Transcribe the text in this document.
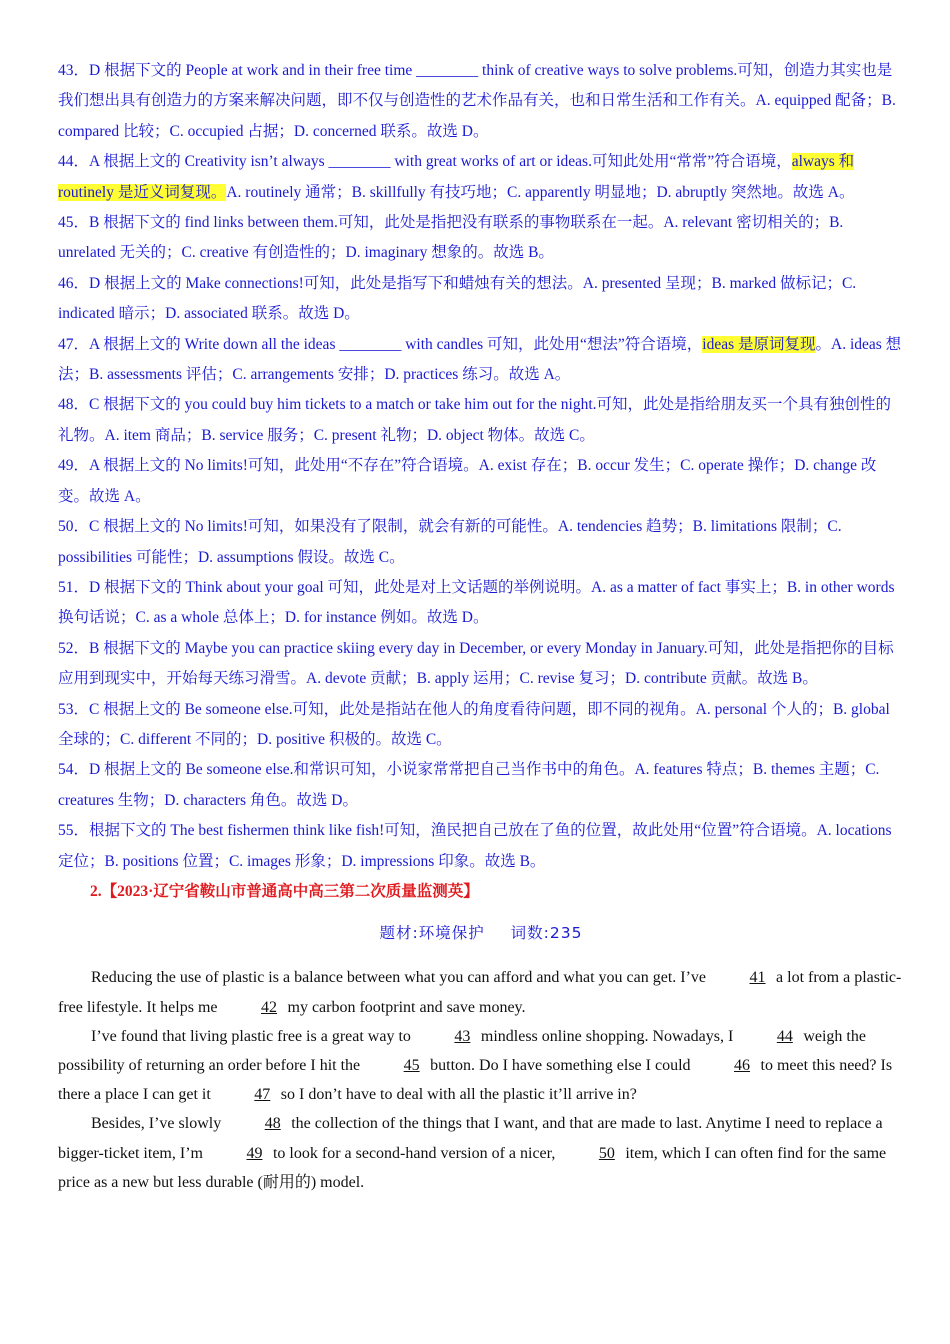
43．D 根据下文的 People at work and in their free time ________ think of creative ways to solve problems.可知，创造力其实也是我们想出具有创造力的方案来解决问题，即不仅与创造性的艺术作品有关，也和日常生活和工作有关。A. equipped 配备；B. compared 比较；C. occupied 占据；D. concerned 联系。故选 D。

44．A 根据上文的 Creativity isn’t always ________ with great works of art or ideas.可知此处用“常常”符合语境，always 和 routinely 是近义词复现。A. routinely 通常；B. skillfully 有技巧地；C. apparently 明显地；D. abruptly 突然地。故选 A。

45．B 根据下文的 find links between them.可知，此处是指把没有联系的事物联系在一起。A. relevant 密切相关的；B. unrelated 无关的；C. creative 有创造性的；D. imaginary 想象的。故选 B。

46．D 根据上文的 Make connections!可知，此处是指写下和蜡烛有关的想法。A. presented 呈现；B. marked 做标记；C. indicated 暗示；D. associated 联系。故选 D。

47．A 根据上文的 Write down all the ideas ________ with candles 可知，此处用“想法”符合语境，ideas 是原词复现。A. ideas 想法；B. assessments 评估；C. arrangements 安排；D. practices 练习。故选 A。

48．C 根据下文的 you could buy him tickets to a match or take him out for the night.可知，此处是指给朋友买一个具有独创性的礼物。A. item 商品；B. service 服务；C. present 礼物；D. object 物体。故选 C。

49．A 根据上文的 No limits!可知，此处用“不存在”符合语境。A. exist 存在；B. occur 发生；C. operate 操作；D. change 改变。故选 A。

50．C 根据上文的 No limits!可知，如果没有了限制，就会有新的可能性。A. tendencies 趋势；B. limitations 限制；C. possibilities 可能性；D. assumptions 假设。故选 C。

51．D 根据下文的 Think about your goal 可知，此处是对上文话题的举例说明。A. as a matter of fact 事实上；B. in other words 换句话说；C. as a whole 总体上；D. for instance 例如。故选 D。

52．B 根据下文的 Maybe you can practice skiing every day in December, or every Monday in January.可知，此处是指把你的目标应用到现实中，开始每天练习滑雪。A. devote 贡献；B. apply 运用；C. revise 复习；D. contribute 贡献。故选 B。

53．C 根据上文的 Be someone else.可知，此处是指站在他人的角度看待问题，即不同的视角。A. personal 个人的；B. global 全球的；C. different 不同的；D. positive 积极的。故选 C。

54．D 根据上文的 Be someone else.和常识可知，小说家常常把自己当作书中的角色。A. features 特点；B. themes 主题；C. creatures 生物；D. characters 角色。故选 D。

55．根据下文的 The best fishermen think like fish!可知，渔民把自己放在了鱼的位置，故此处用“位置”符合语境。A. locations 定位；B. positions 位置；C. images 形象；D. impressions 印象。故选 B。

2.【2023·辽宁省鞍山市普通高中高三第二次质量监测英】

题材:环境保护 词数:235

Reducing the use of plastic is a balance between what you can afford and what you can get. I’ve 41 a lot from a plastic-free lifestyle. It helps me 42 my carbon footprint and save money.

I’ve found that living plastic free is a great way to 43 mindless online shopping. Nowadays, I 44 weigh the possibility of returning an order before I hit the 45 button. Do I have something else I could 46 to meet this need? Is there a place I can get it 47 so I don’t have to deal with all the plastic it’ll arrive in?

Besides, I’ve slowly 48 the collection of the things that I want, and that are made to last. Anytime I need to replace a bigger-ticket item, I’m 49 to look for a second-hand version of a nicer, 50 item, which I can often find for the same price as a new but less durable (耐用的) model.
